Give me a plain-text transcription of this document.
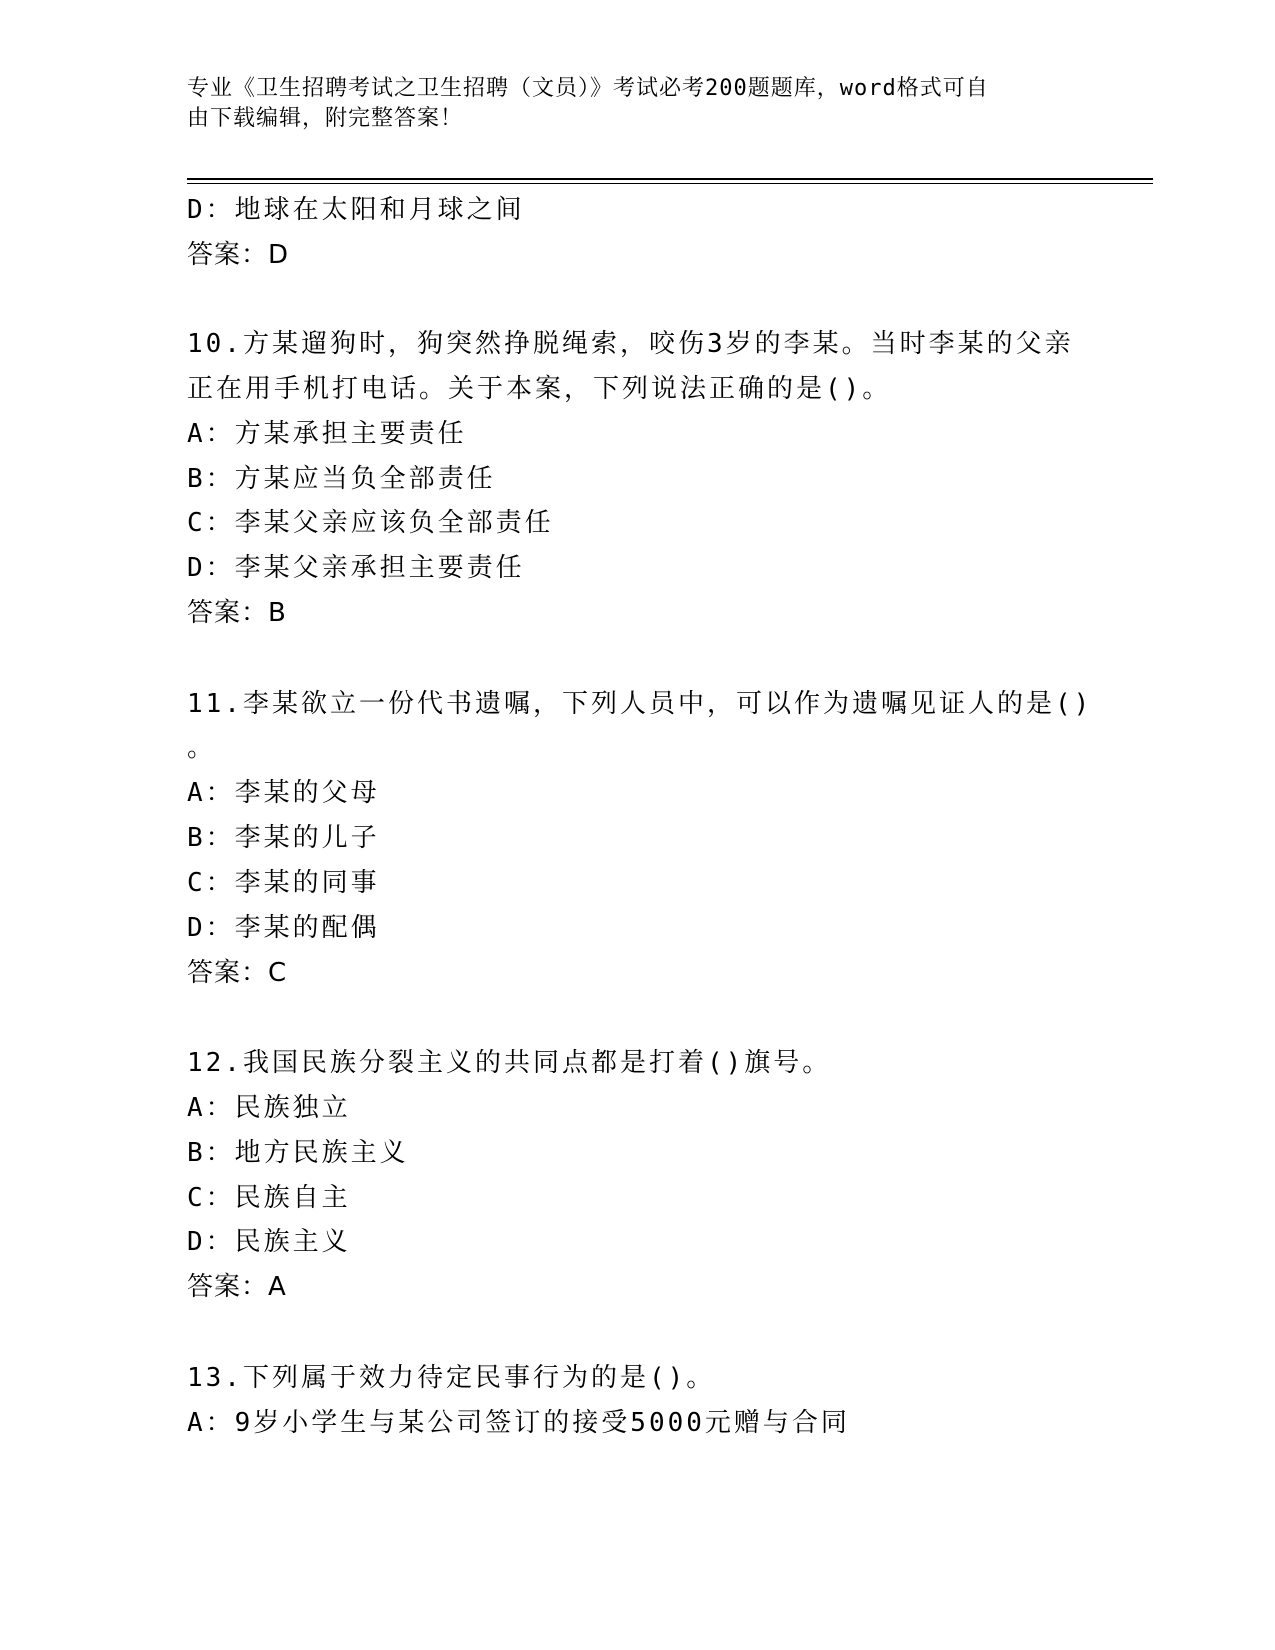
专业《卫生招聘考试之卫生招聘（文员）》考试必考200题题库，word格式可自
由下载编辑，附完整答案！
D：地球在太阳和月球之间
答案：D
10.方某遛狗时，狗突然挣脱绳索，咬伤3岁的李某。当时李某的父亲
正在用手机打电话。关于本案，下列说法正确的是()。
A：方某承担主要责任
B：方某应当负全部责任
C：李某父亲应该负全部责任
D：李某父亲承担主要责任
答案：B
11.李某欲立一份代书遗嘱，下列人员中，可以作为遗嘱见证人的是()
。
A：李某的父母
B：李某的儿子
C：李某的同事
D：李某的配偶
答案：C
12.我国民族分裂主义的共同点都是打着()旗号。
A：民族独立
B：地方民族主义
C：民族自主
D：民族主义
答案：A
13.下列属于效力待定民事行为的是()。
A：9岁小学生与某公司签订的接受5000元赠与合同
